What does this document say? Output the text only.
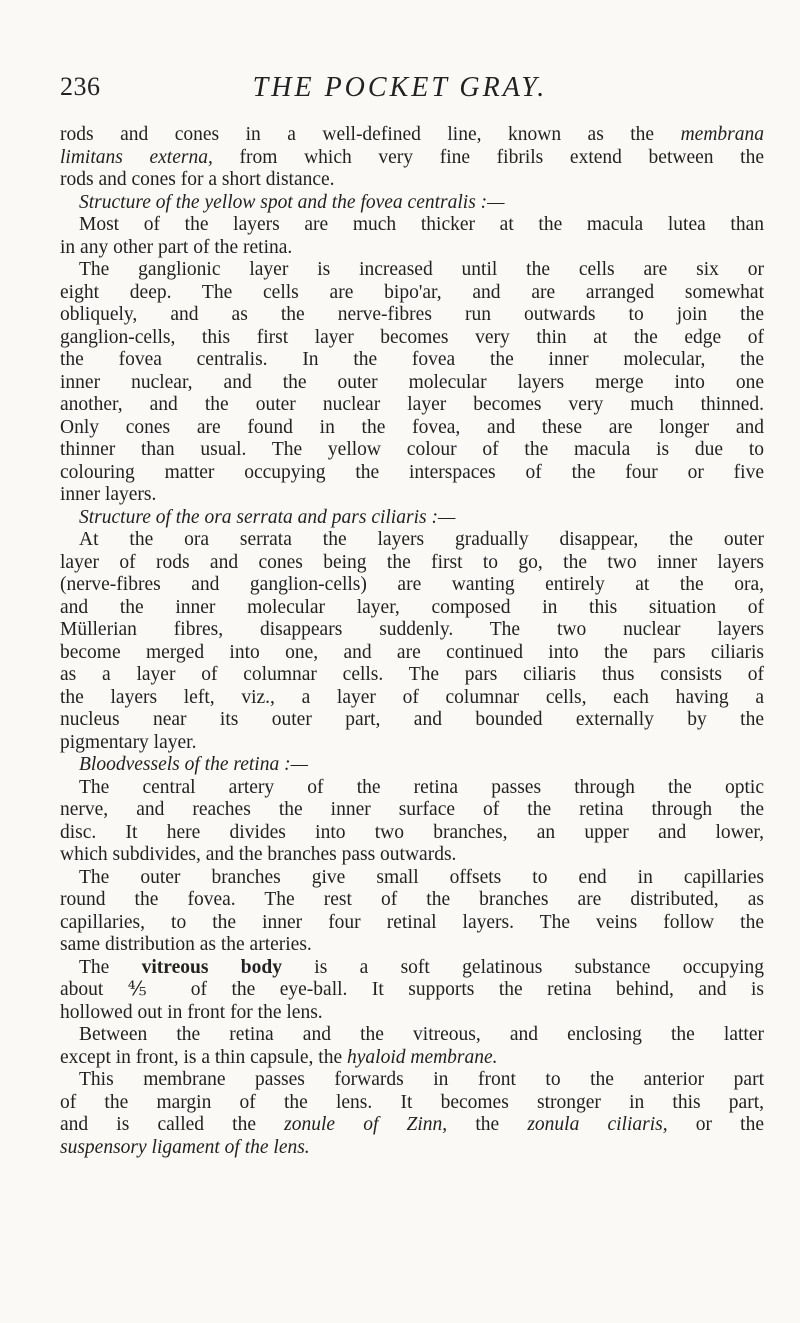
236	THE POCKET GRAY.
rods and cones in a well-defined line, known as the membrana
limitans externa, from which very fine fibrils extend between the
rods and cones for a short distance.
Structure of the yellow spot and the fovea centralis :—
Most of the layers are much thicker at the macula lutea than
in any other part of the retina.
The ganglionic layer is increased until the cells are six or
eight deep. The cells are bipo'ar, and are arranged somewhat
obliquely, and as the nerve-fibres run outwards to join the
ganglion-cells, this first layer becomes very thin at the edge of
the fovea centralis. In the fovea the inner molecular, the
inner nuclear, and the outer molecular layers merge into one
another, and the outer nuclear layer becomes very much thinned.
Only cones are found in the fovea, and these are longer and
thinner than usual. The yellow colour of the macula is due to
colouring matter occupying the interspaces of the four or five
inner layers.
Structure of the ora serrata and pars ciliaris :—
At the ora serrata the layers gradually disappear, the outer
layer of rods and cones being the first to go, the two inner layers
(nerve-fibres and ganglion-cells) are wanting entirely at the ora,
and the inner molecular layer, composed in this situation of
Müllerian fibres, disappears suddenly. The two nuclear layers
become merged into one, and are continued into the pars ciliaris
as a layer of columnar cells. The pars ciliaris thus consists of
the layers left, viz., a layer of columnar cells, each having a
nucleus near its outer part, and bounded externally by the
pigmentary layer.
Bloodvessels of the retina :—
The central artery of the retina passes through the optic
nerve, and reaches the inner surface of the retina through the
disc. It here divides into two branches, an upper and lower,
which subdivides, and the branches pass outwards.
The outer branches give small offsets to end in capillaries
round the fovea. The rest of the branches are distributed, as
capillaries, to the inner four retinal layers. The veins follow the
same distribution as the arteries.
The vitreous body is a soft gelatinous substance occupying
about ⅘ of the eye-ball. It supports the retina behind, and is
hollowed out in front for the lens.
Between the retina and the vitreous, and enclosing the latter
except in front, is a thin capsule, the hyaloid membrane.
This membrane passes forwards in front to the anterior part
of the margin of the lens. It becomes stronger in this part,
and is called the zonule of Zinn, the zonula ciliaris, or the
suspensory ligament of the lens.
